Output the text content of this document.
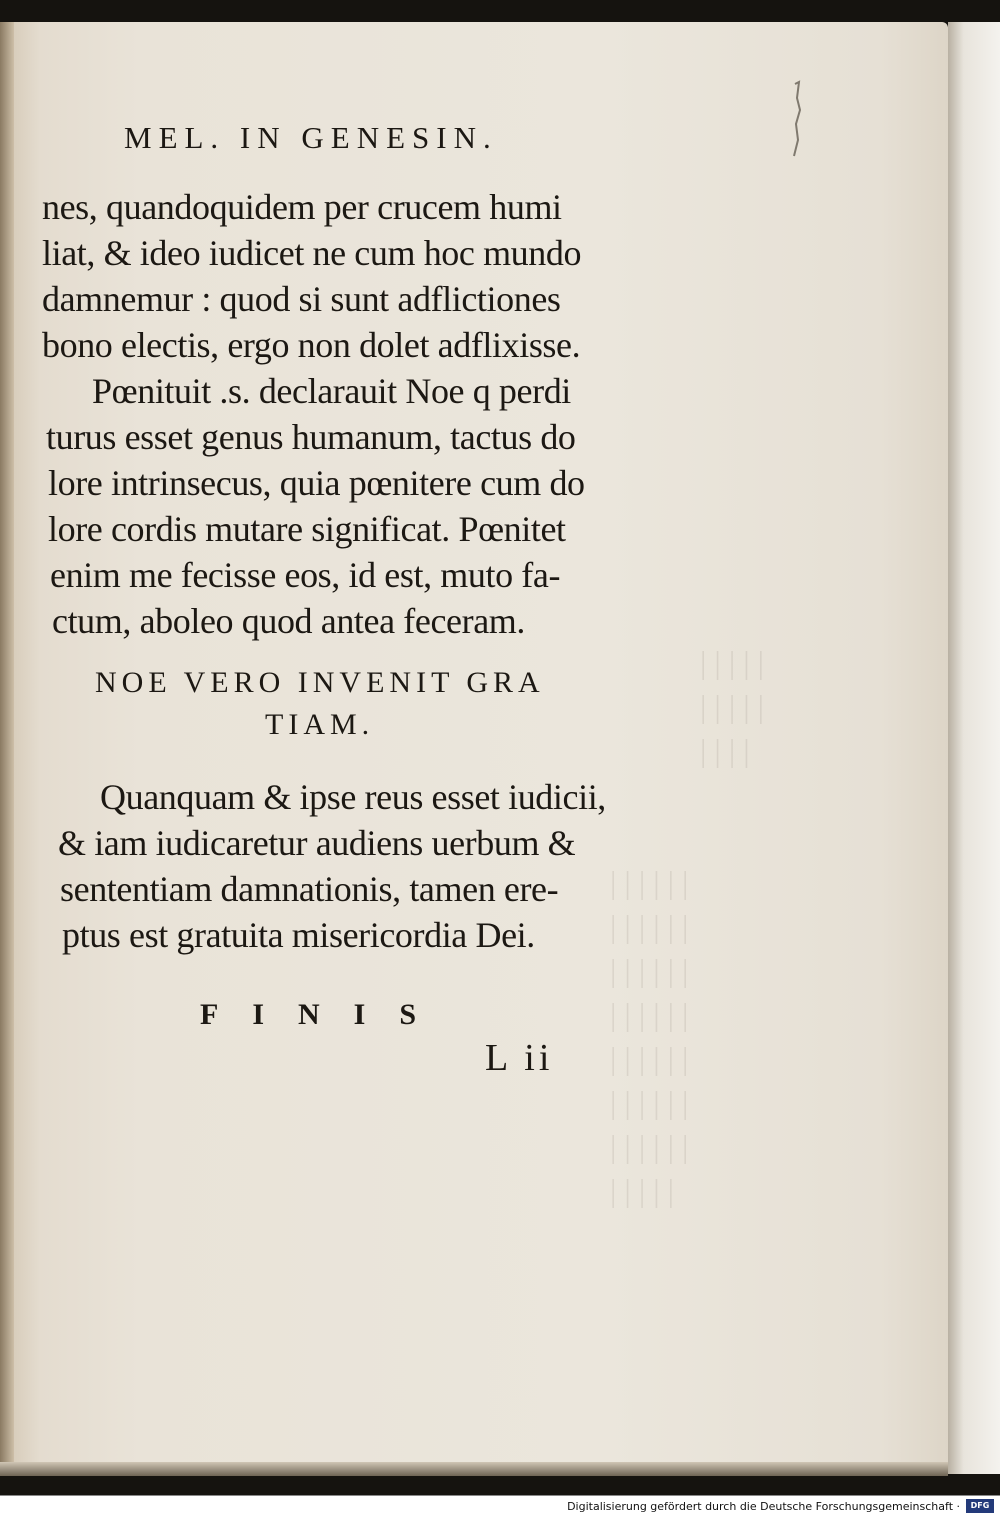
MEL. IN GENESIN.
nes, quandoquidem per crucem humi
liat, & ideo iudicet ne cum hoc mundo
damnemur : quod si sunt adflictiones
bono electis, ergo non dolet adflixisse.
Pœnituit .s. declarauit Noe q perdi
turus esset genus humanum, tactus do
lore intrinsecus, quia pœnitere cum do
lore cordis mutare significat. Pœnitet
enim me fecisse eos, id est, muto fa-
ctum, aboleo quod antea feceram.
NOE VERO INVENIT GRA
TIAM.
Quanquam & ipse reus esset iudicii,
& iam iudicaretur audiens uerbum &
sententiam damnationis, tamen ere-
ptus est gratuita misericordia Dei.
FINIS
L ii
Digitalisierung gefördert durch die Deutsche Forschungsgemeinschaft ·	DFG
